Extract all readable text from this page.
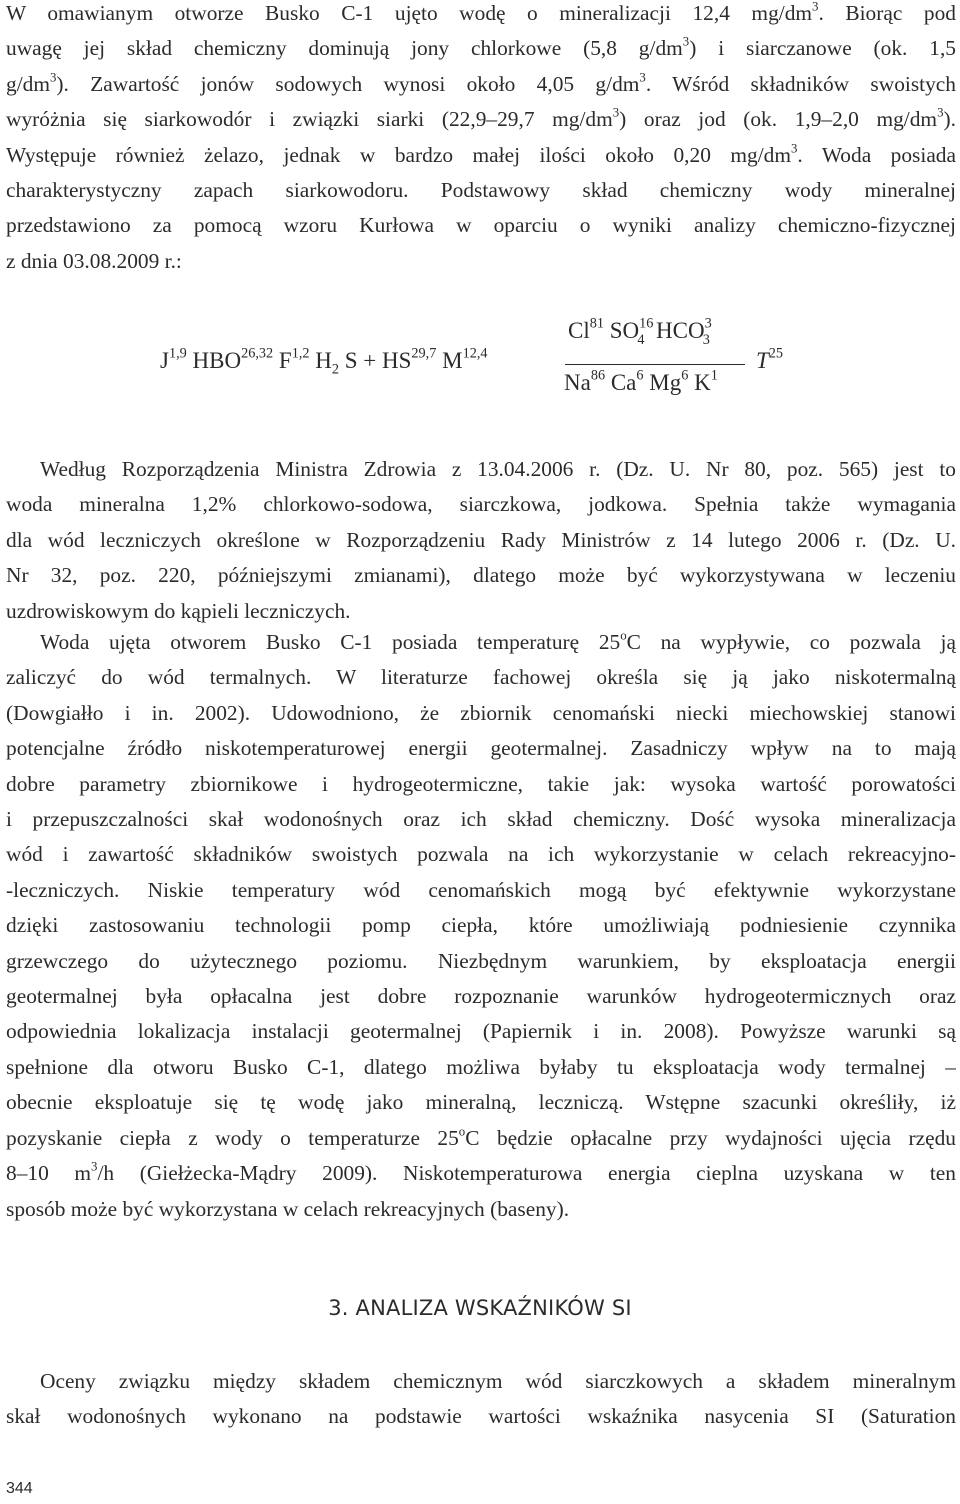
W omawianym otworze Busko C-1 ujęto wodę o mineralizacji 12,4 $mg/dm^3$. Biorąc pod
uwagę jej skład chemiczny dominują jony chlorkowe (5,8 $g/dm^3$) i siarczanowe (ok. 1,5
$g/dm^3$). Zawartość jonów sodowych wynosi około 4,05 $g/dm^3$. Wśród składników swoistych
wyróżnia się siarkowodór i związki siarki (22,9–29,7 $mg/dm^3$) oraz jod (ok. 1,9–2,0 $mg/dm^3$).
Występuje również żelazo, jednak w bardzo małej ilości około 0,20 $mg/dm^3$. Woda posiada
charakterystyczny zapach siarkowodoru. Podstawowy skład chemiczny wody mineralnej
przedstawiono za pomocą wzoru Kurłowa w oparciu o wyniki analizy chemiczno-fizycznej
z dnia 03.08.2009 r.:
J$^{1,9}$ HBO$^{26,32}$ F$^{1,2}$ $H_2$ S + HS$^{29,7}$ M$^{12,4}$
Cl$^{81}$ $SO^{16}_4$ $HCO^3_3$
Na$^{86}$ Ca$^6$ Mg$^6$ $K^1$
$T^{25}$
Według Rozporządzenia Ministra Zdrowia z 13.04.2006 r. (Dz. U. Nr 80, poz. 565) jest to
woda mineralna 1,2% chlorkowo-sodowa, siarczkowa, jodkowa. Spełnia także wymagania
dla wód leczniczych określone w Rozporządzeniu Rady Ministrów z 14 lutego 2006 r. (Dz. U.
Nr 32, poz. 220, późniejszymi zmianami), dlatego może być wykorzystywana w leczeniu
uzdrowiskowym do kąpieli leczniczych.
Woda ujęta otworem Busko C-1 posiada temperaturę 25$^o$C na wypływie, co pozwala ją
zaliczyć do wód termalnych. W literaturze fachowej określa się ją jako niskotermalną
(Dowgiałło i in. 2002). Udowodniono, że zbiornik cenomański niecki miechowskiej stanowi
potencjalne źródło niskotemperaturowej energii geotermalnej. Zasadniczy wpływ na to mają
dobre parametry zbiornikowe i hydrogeotermiczne, takie jak: wysoka wartość porowatości
i przepuszczalności skał wodonośnych oraz ich skład chemiczny. Dość wysoka mineralizacja
wód i zawartość składników swoistych pozwala na ich wykorzystanie w celach rekreacyjno-
-leczniczych. Niskie temperatury wód cenomańskich mogą być efektywnie wykorzystane
dzięki zastosowaniu technologii pomp ciepła, które umożliwiają podniesienie czynnika
grzewczego do użytecznego poziomu. Niezbędnym warunkiem, by eksploatacja energii
geotermalnej była opłacalna jest dobre rozpoznanie warunków hydrogeotermicznych oraz
odpowiednia lokalizacja instalacji geotermalnej (Papiernik i in. 2008). Powyższe warunki są
spełnione dla otworu Busko C-1, dlatego możliwa byłaby tu eksploatacja wody termalnej –
obecnie eksploatuje się tę wodę jako mineralną, leczniczą. Wstępne szacunki określiły, iż
pozyskanie ciepła z wody o temperaturze 25$^o$C będzie opłacalne przy wydajności ujęcia rzędu
8–10 $m^3/h$ (Giełżecka-Mądry 2009). Niskotemperaturowa energia cieplna uzyskana w ten
sposób może być wykorzystana w celach rekreacyjnych (baseny).
3. ANALIZA WSKAŹNIKÓW SI
Oceny związku między składem chemicznym wód siarczkowych a składem mineralnym
skał wodonośnych wykonano na podstawie wartości wskaźnika nasycenia SI (Saturation
344
